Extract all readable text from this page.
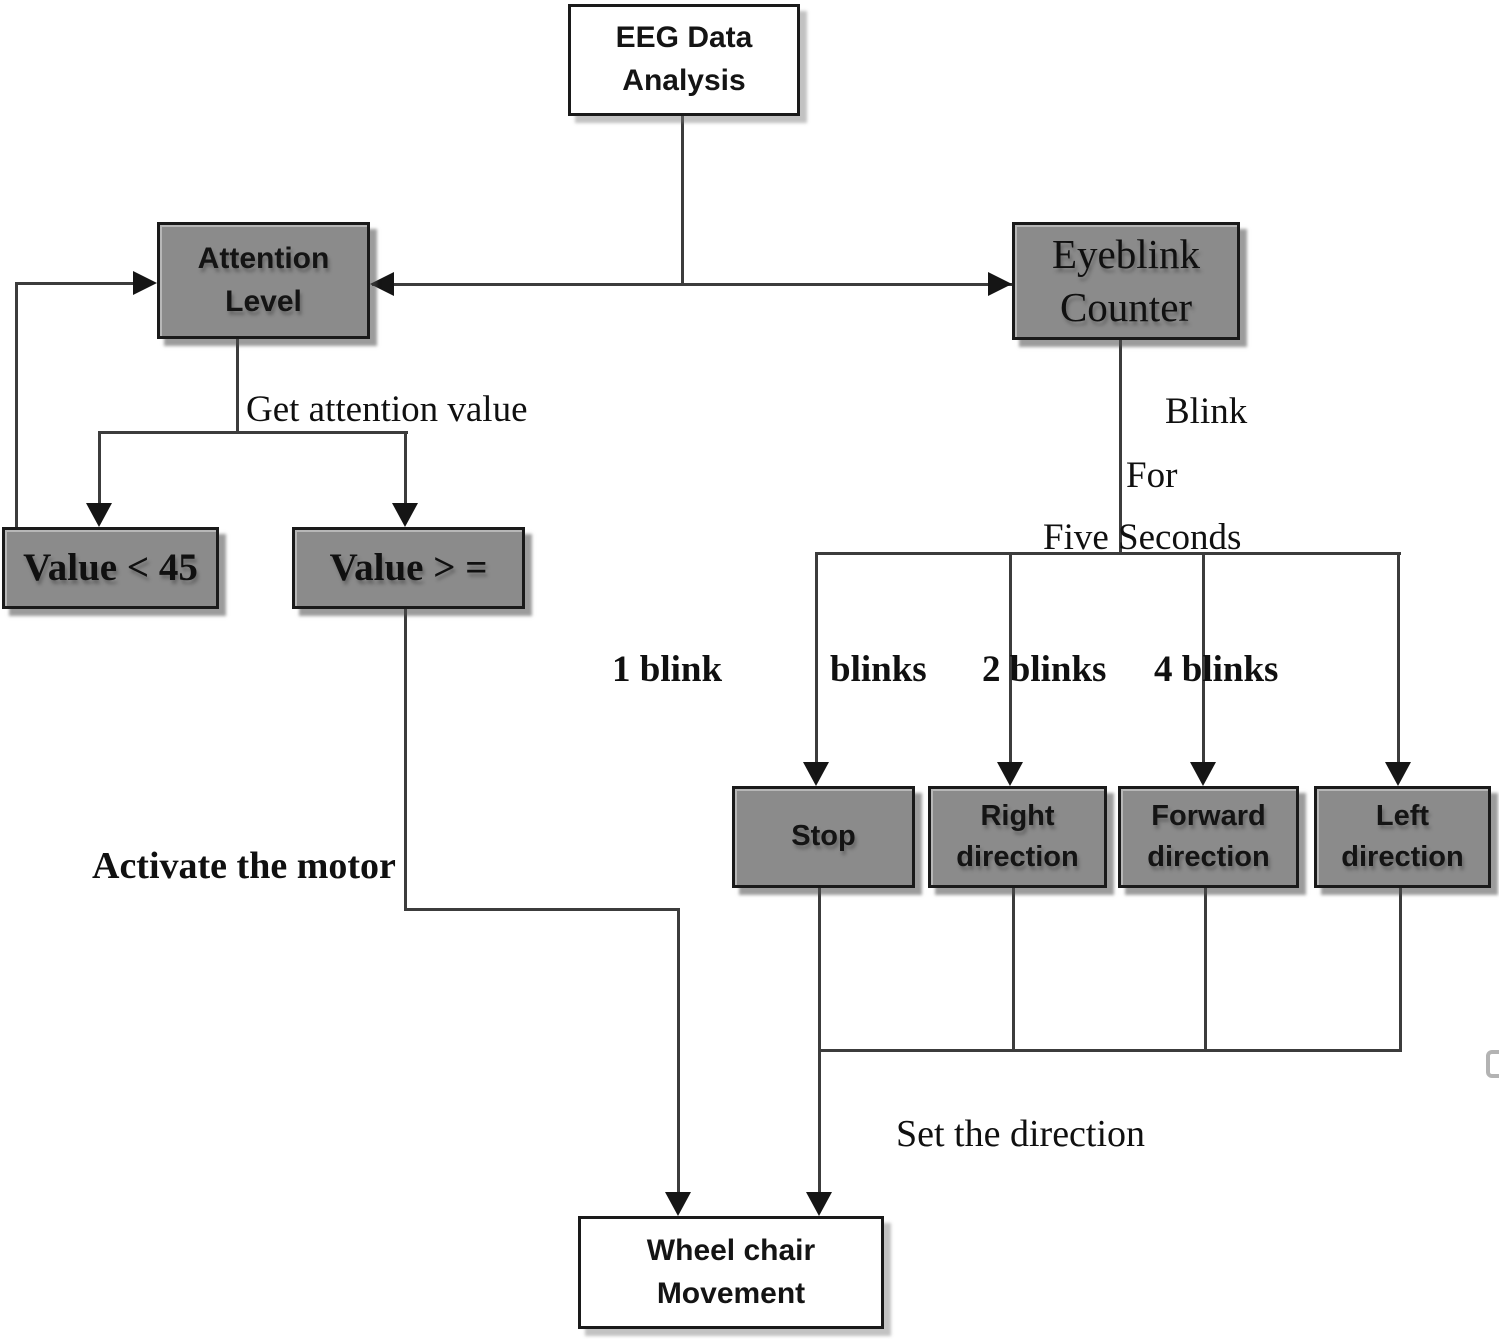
EEG Data
Analysis
Attention
Level
Eyeblink
Counter
Value < 45	Value > =
Stop
Right
direction
Forward
direction
Left
direction
Wheel chair
Movement
Get attention value	Blink
For
Five Seconds
1 blink	blinks 2 blinks 4 blinks
Activate the motor
Set the direction
